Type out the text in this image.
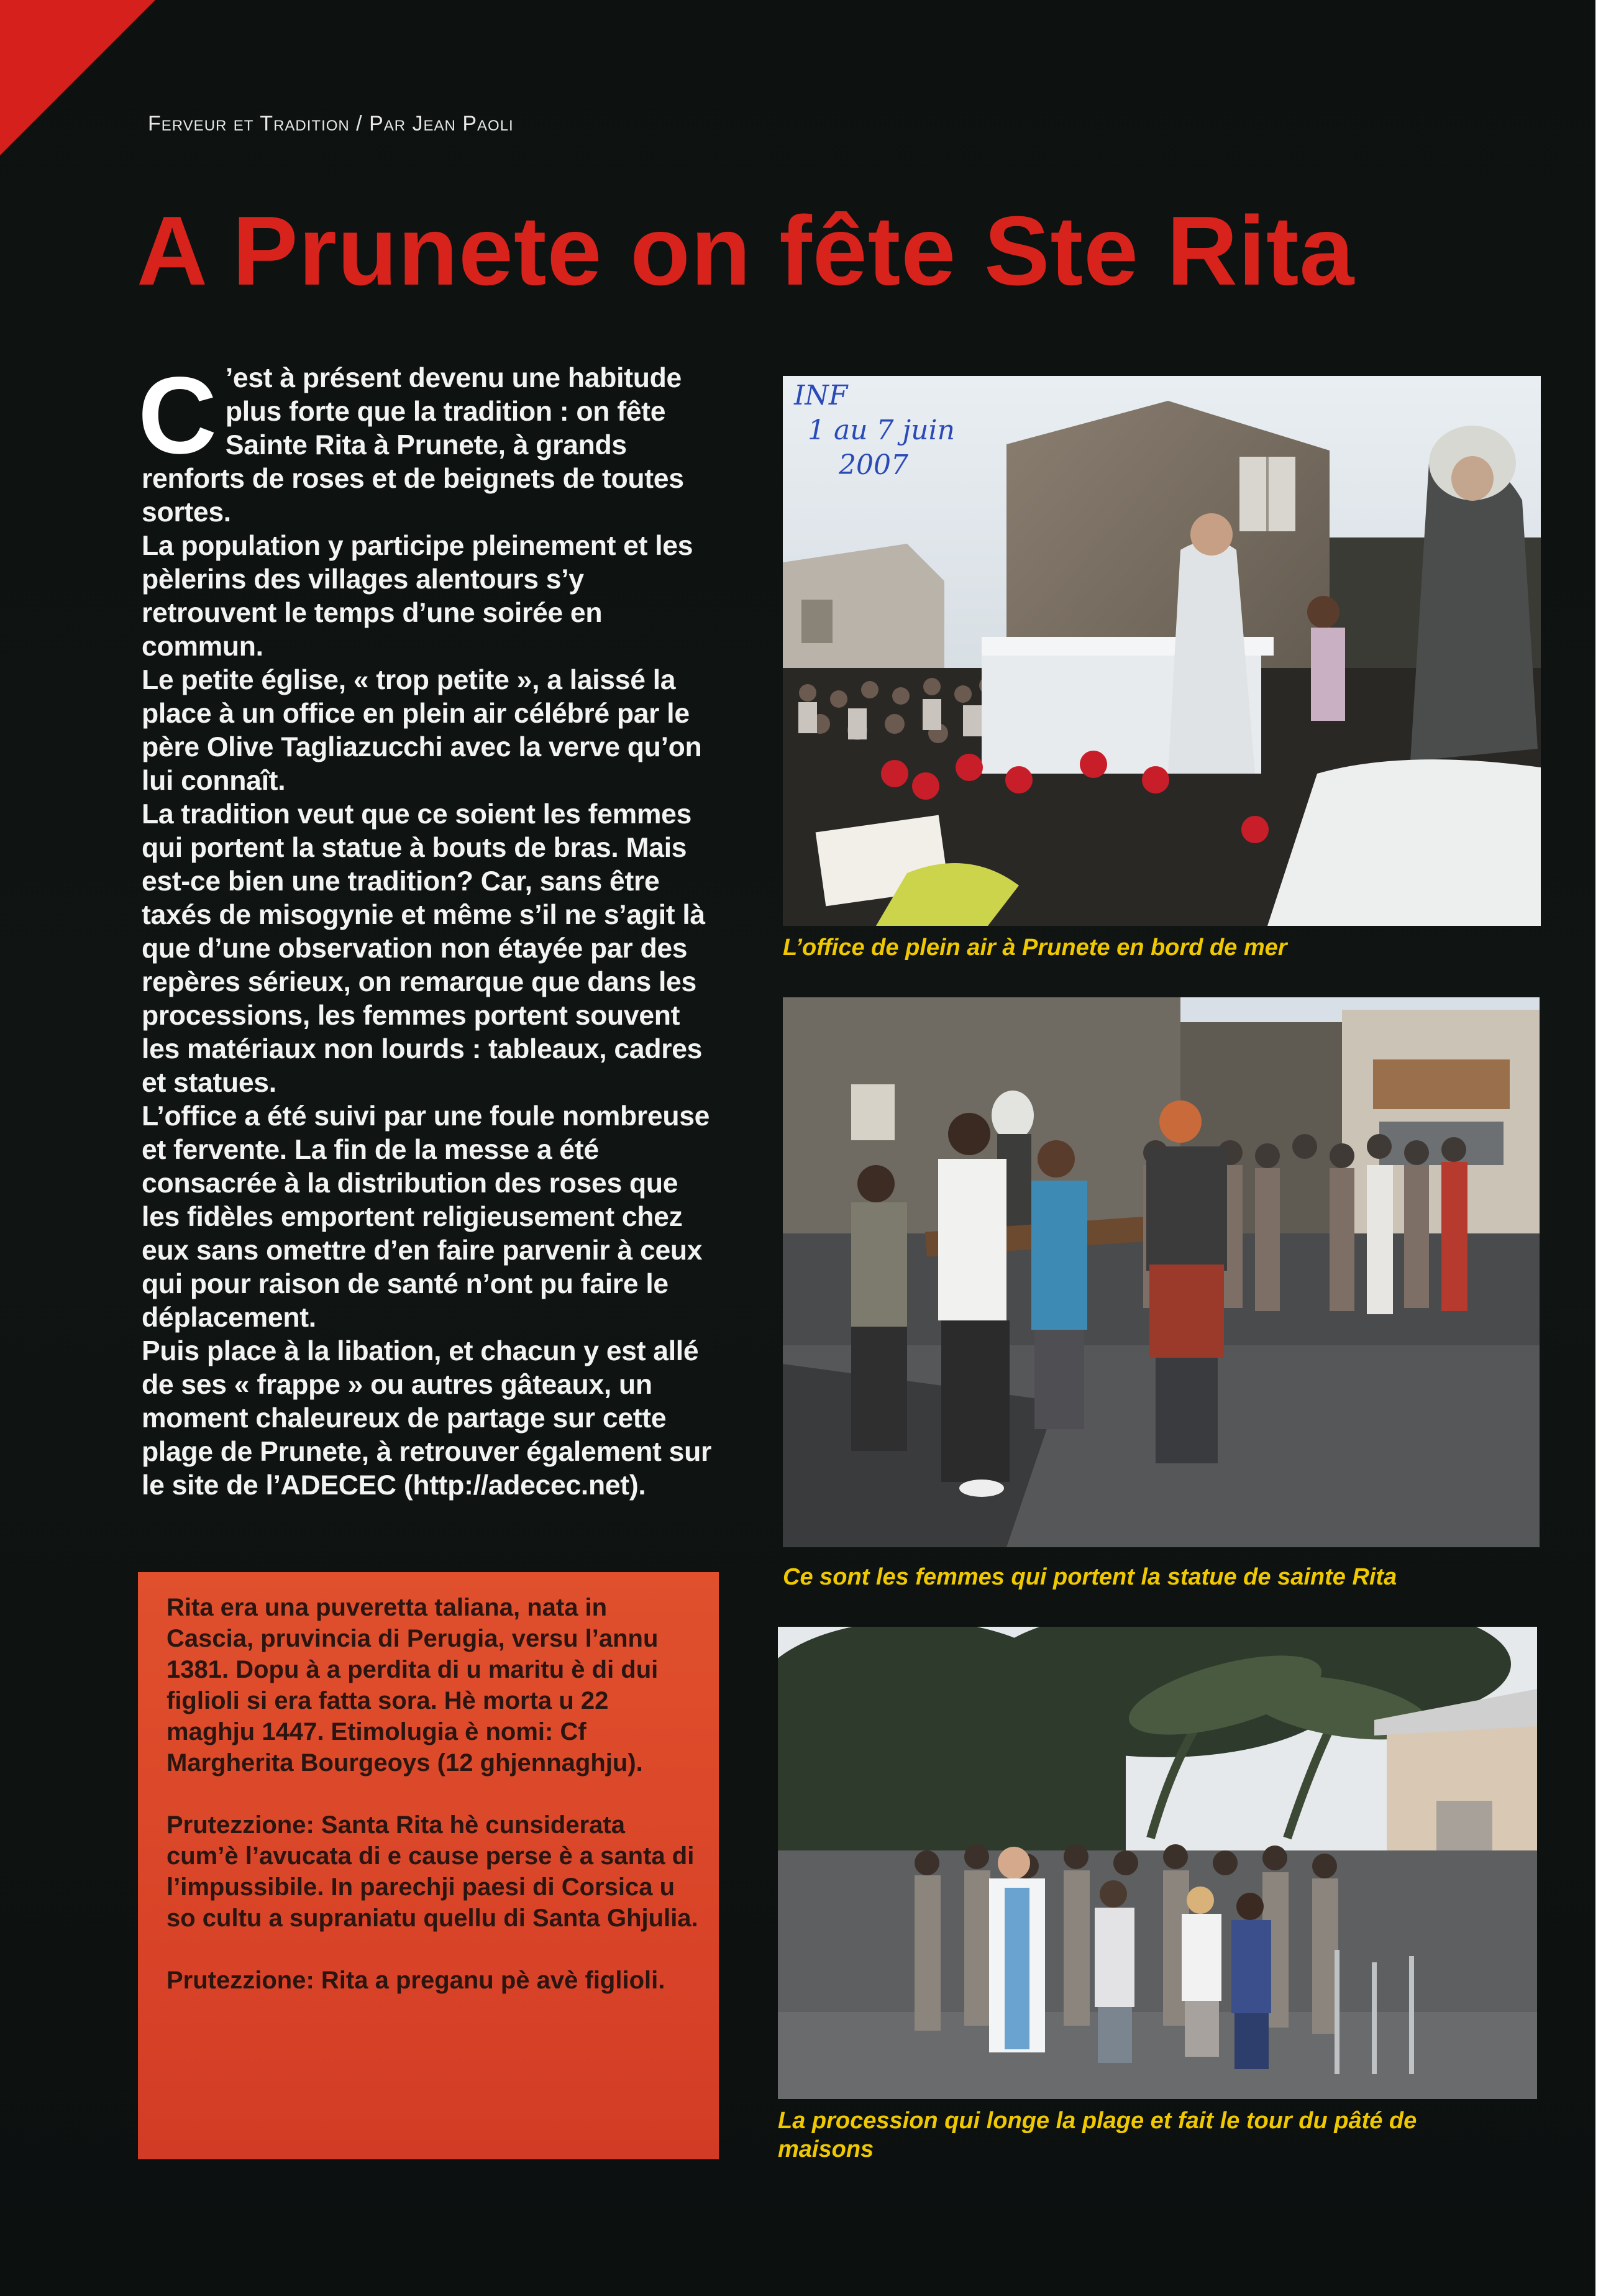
Ferveur et Tradition / Par Jean Paoli
A Prunete on fête Ste Rita
C ’est à présent devenu une habitude plus forte que la tradition : on fête Sainte Rita à Prunete, à grands renforts de roses et de beignets de toutes sortes.

La population y participe pleinement et les pèlerins des villages alentours s’y retrouvent le temps d’une soirée en commun.

Le petite église, « trop petite », a laissé la place à un office en plein air célébré par le père Olive Tagliazucchi avec la verve qu’on lui connaît.

La tradition veut que ce soient les femmes qui portent la statue à bouts de bras. Mais est-ce bien une tradition? Car, sans être taxés de misogynie et même s’il ne s’agit là que d’une observation non étayée par des repères sérieux, on remarque que dans les processions, les femmes portent souvent les matériaux non lourds : tableaux, cadres et statues.

L’office a été suivi par une foule nombreuse et fervente. La fin de la messe a été consacrée à la distribution des roses que les fidèles emportent religieusement chez eux sans omettre d’en faire parvenir à ceux qui pour raison de santé n’ont pu faire le déplacement.

Puis place à la libation, et chacun y est allé de ses « frappe » ou autres gâteaux, un moment chaleureux de partage sur cette plage de Prunete, à retrouver également sur le site de l’ADECEC (http://adecec.net).

Rita era una puveretta taliana, nata in Cascia, pruvincia di Perugia, versu l’annu 1381. Dopu à a perdita di u maritu è di dui figlioli si era fatta sora. Hè morta u 22 maghju 1447. Etimolugia è nomi: Cf Margherita Bourgeoys (12 ghjennaghju).

Prutezzione: Santa Rita hè cunsiderata cum’è l’avucata di e cause perse è a santa di l’impussibile. In parechji paesi di Corsica u so cultu a supraniatu quellu di Santa Ghjulia.

Prutezzione: Rita a preganu pè avè figlioli.

INF
1 au 7 juin
2007
L’office de plein air à Prunete en bord de mer
Ce sont les femmes qui portent la statue de sainte Rita
La procession qui longe la plage et fait le tour du pâté de maisons
